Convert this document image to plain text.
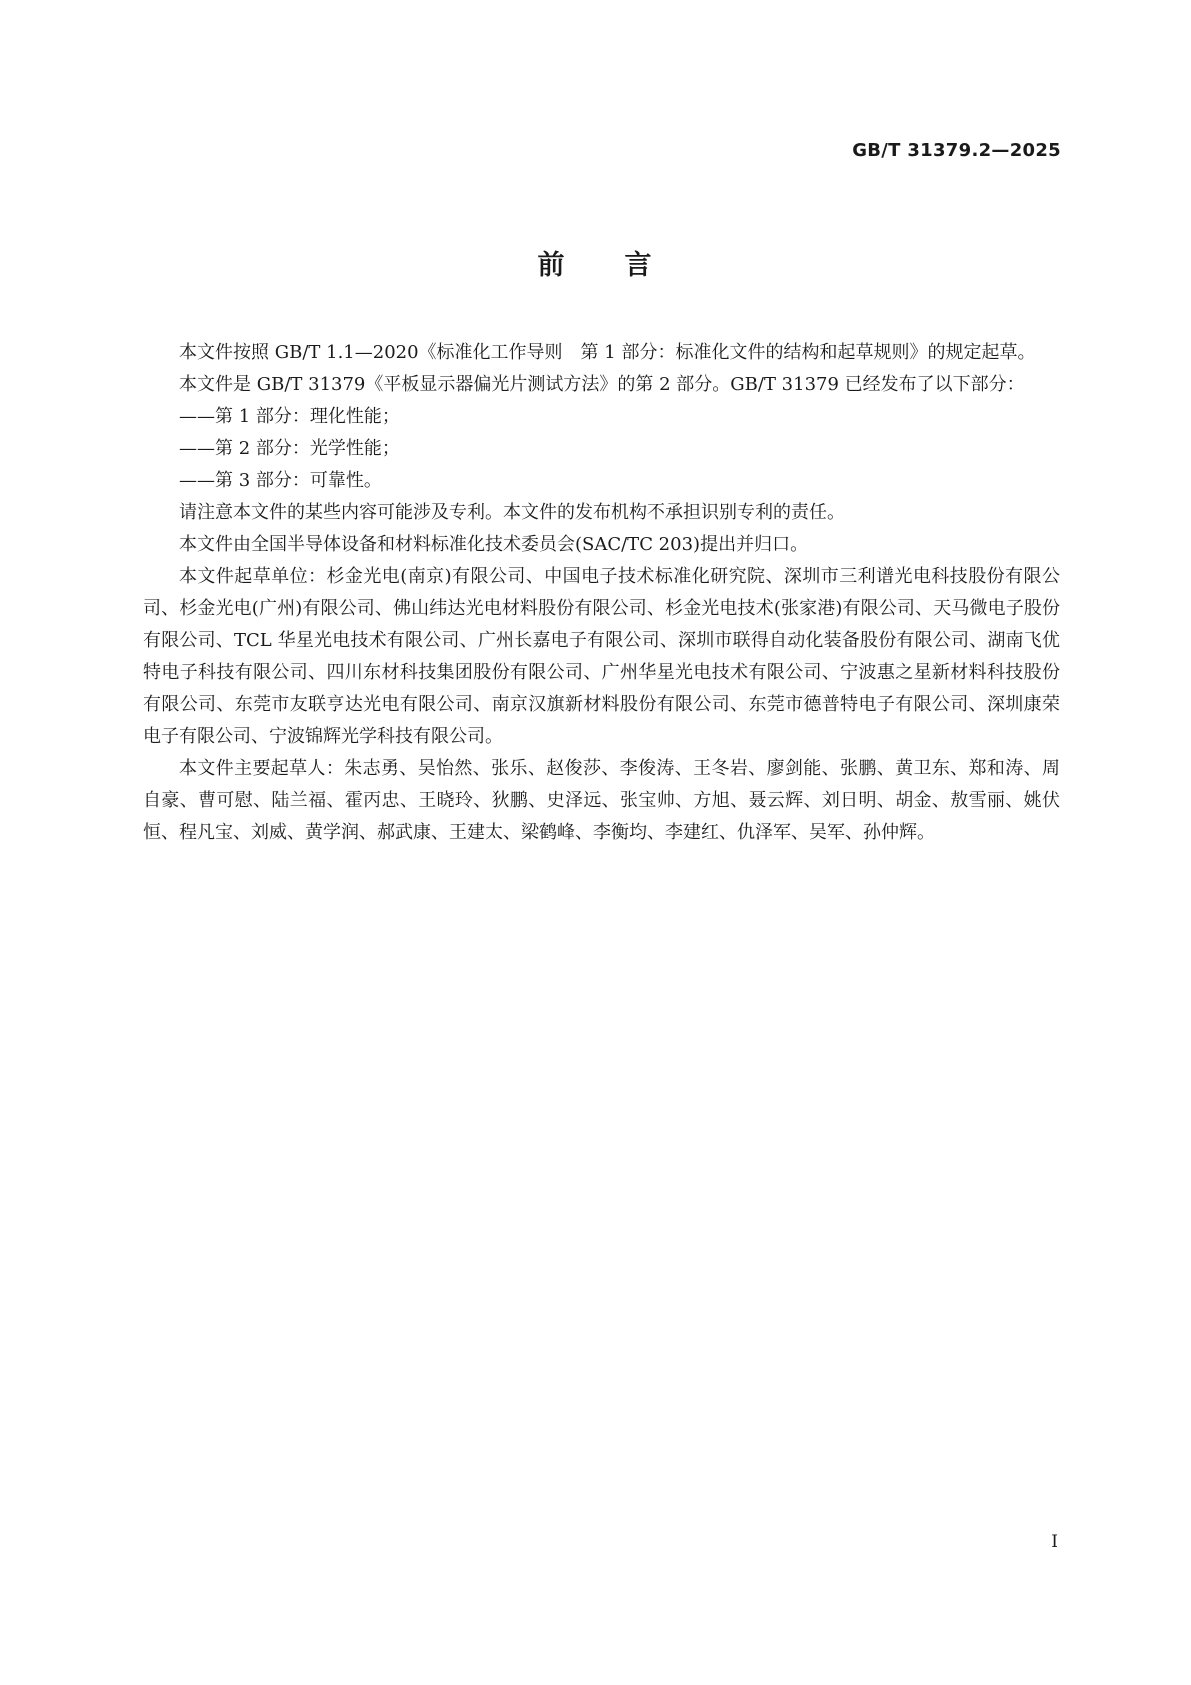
GB/T 31379.2—2025
前 言

本文件按照 GB/T 1.1—2020《标准化工作导则　第 1 部分：标准化文件的结构和起草规则》的规定起草。

本文件是 GB/T 31379《平板显示器偏光片测试方法》的第 2 部分。GB/T 31379 已经发布了以下部分：

——第 1 部分：理化性能；

——第 2 部分：光学性能；

——第 3 部分：可靠性。

请注意本文件的某些内容可能涉及专利。本文件的发布机构不承担识别专利的责任。

本文件由全国半导体设备和材料标准化技术委员会(SAC/TC 203)提出并归口。

本文件起草单位：杉金光电(南京)有限公司、中国电子技术标准化研究院、深圳市三利谱光电科技股份有限公司、杉金光电(广州)有限公司、佛山纬达光电材料股份有限公司、杉金光电技术(张家港)有限公司、天马微电子股份有限公司、TCL 华星光电技术有限公司、广州长嘉电子有限公司、深圳市联得自动化装备股份有限公司、湖南飞优特电子科技有限公司、四川东材科技集团股份有限公司、广州华星光电技术有限公司、宁波惠之星新材料科技股份有限公司、东莞市友联亨达光电有限公司、南京汉旗新材料股份有限公司、东莞市德普特电子有限公司、深圳康荣电子有限公司、宁波锦辉光学科技有限公司。

本文件主要起草人：朱志勇、吴怡然、张乐、赵俊莎、李俊涛、王冬岩、廖剑能、张鹏、黄卫东、郑和涛、周自豪、曹可慰、陆兰福、霍丙忠、王晓玲、狄鹏、史泽远、张宝帅、方旭、聂云辉、刘日明、胡金、敖雪丽、姚伏恒、程凡宝、刘威、黄学润、郝武康、王建太、梁鹤峰、李衡均、李建红、仇泽军、吴军、孙仲辉。

I
